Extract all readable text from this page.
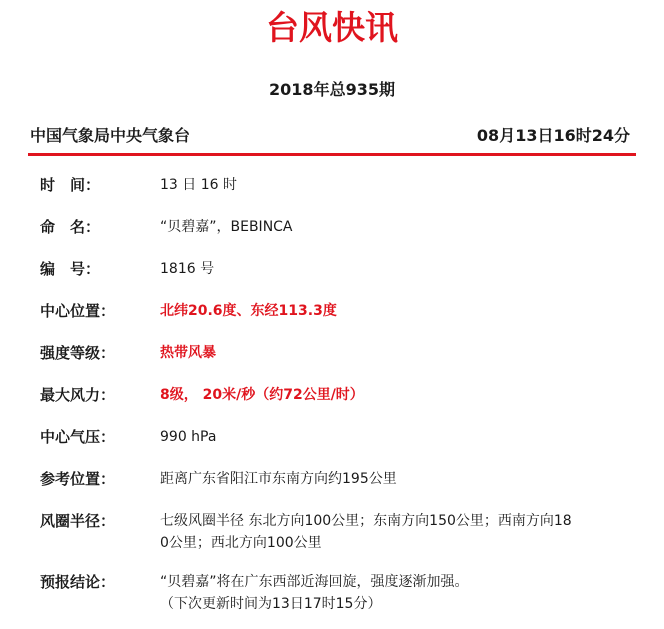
台风快讯
2018年总935期
中国气象局中央气象台	08月13日16时24分
时　间：	13 日 16 时
命　名：	“贝碧嘉”，BEBINCA
编　号：	1816 号
中心位置：	北纬20.6度、东经113.3度
强度等级：	热带风暴
最大风力：	8级， 20米/秒（约72公里/时）
中心气压：	990 hPa
参考位置：	距离广东省阳江市东南方向约195公里
风圈半径：	七级风圈半径 东北方向100公里；东南方向150公里；西南方向18
0公里；西北方向100公里
预报结论：	“贝碧嘉”将在广东西部近海回旋，强度逐渐加强。
（下次更新时间为13日17时15分）
